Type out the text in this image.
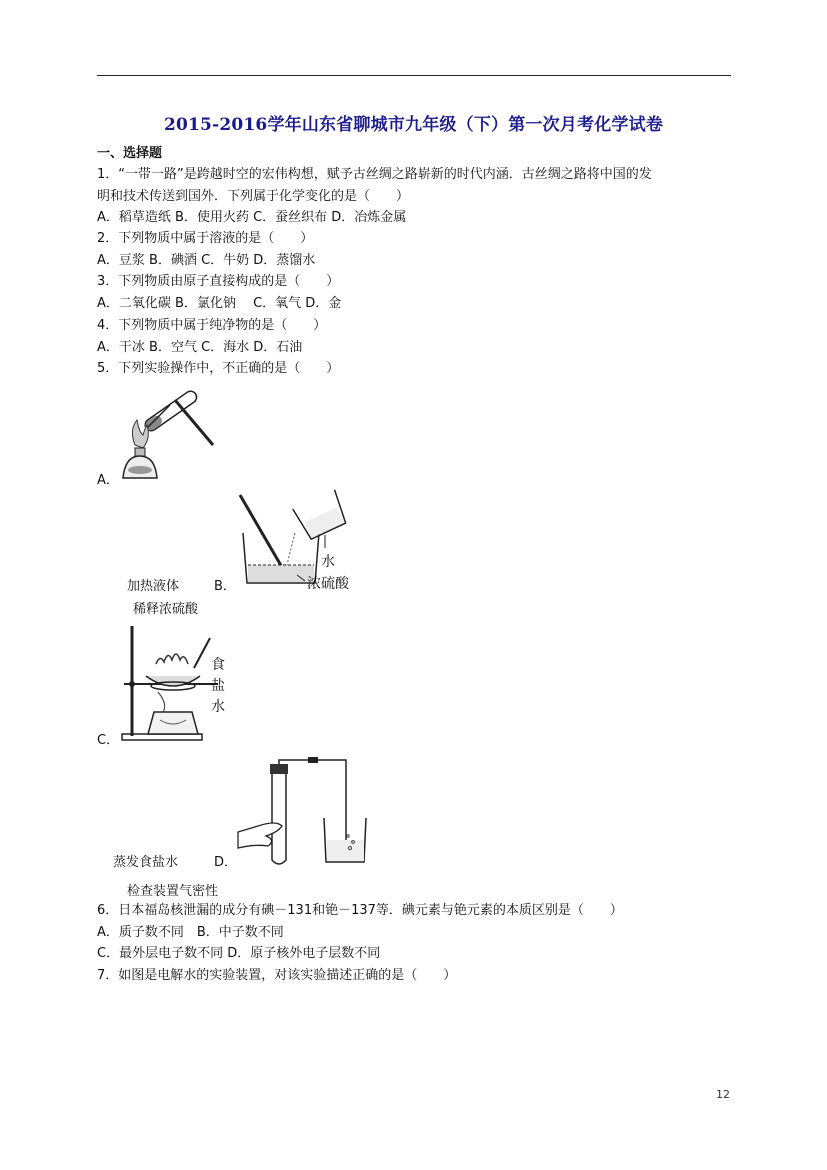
2015-2016学年山东省聊城市九年级（下）第一次月考化学试卷
一、选择题
1．“一带一路”是跨越时空的宏伟构想，赋予古丝绸之路崭新的时代内涵．古丝绸之路将中国的发
明和技术传送到国外．下列属于化学变化的是（　　）
A．稻草造纸 B．使用火药 C．蚕丝织布 D．冶炼金属
2．下列物质中属于溶液的是（　　）
A．豆浆 B．碘酒 C．牛奶 D．蒸馏水
3．下列物质由原子直接构成的是（　　）
A．二氧化碳 B．氯化钠　 C．氧气 D．金
4．下列物质中属于纯净物的是（　　）
A．干冰 B．空气 C．海水 D．石油
5．下列实验操作中，不正确的是（　　）
A．
水
浓硫酸
加热液体	B．
稀释浓硫酸
食
盐
水
C．
蒸发食盐水	D．
检查装置气密性
6．日本福岛核泄漏的成分有碘－131和铯－137等．碘元素与铯元素的本质区别是（　　）
A．质子数不同　B．中子数不同
C．最外层电子数不同 D．原子核外电子层数不同
7．如图是电解水的实验装置，对该实验描述正确的是（　　）
12
